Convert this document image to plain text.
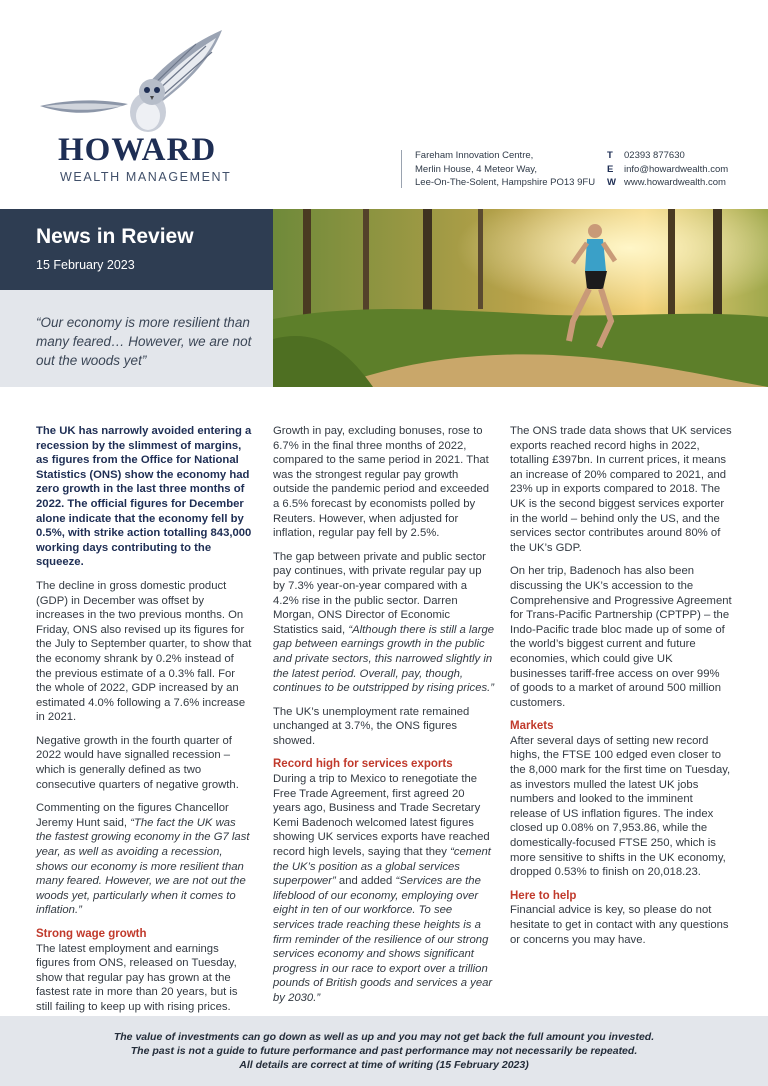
HOWARD
WEALTH MANAGEMENT
Fareham Innovation Centre,
Merlin House, 4 Meteor Way,
Lee-On-The-Solent, Hampshire PO13 9FU
T 02393 877630
E info@howardwealth.com
W www.howardwealth.com
News in Review
15 February 2023
“Our economy is more resilient than many feared… However, we are not out the woods yet”

The UK has narrowly avoided entering a recession by the slimmest of margins, as figures from the Office for National Statistics (ONS) show the economy had zero growth in the last three months of 2022. The official figures for December alone indicate that the economy fell by 0.5%, with strike action totalling 843,000 working days contributing to the squeeze.

The decline in gross domestic product (GDP) in December was offset by increases in the two previous months. On Friday, ONS also revised up its figures for the July to September quarter, to show that the economy shrank by 0.2% instead of the previous estimate of a 0.3% fall. For the whole of 2022, GDP increased by an estimated 4.0% following a 7.6% increase in 2021.

Negative growth in the fourth quarter of 2022 would have signalled recession – which is generally defined as two consecutive quarters of negative growth.

Commenting on the figures Chancellor Jeremy Hunt said, “The fact the UK was the fastest growing economy in the G7 last year, as well as avoiding a recession, shows our economy is more resilient than many feared. However, we are not out the woods yet, particularly when it comes to inflation.”

Strong wage growth

The latest employment and earnings figures from ONS, released on Tuesday, show that regular pay has grown at the fastest rate in more than 20 years, but is still failing to keep up with rising prices.

Growth in pay, excluding bonuses, rose to 6.7% in the final three months of 2022, compared to the same period in 2021. That was the strongest regular pay growth outside the pandemic period and exceeded a 6.5% forecast by economists polled by Reuters. However, when adjusted for inflation, regular pay fell by 2.5%.

The gap between private and public sector pay continues, with private regular pay up by 7.3% year-on-year compared with a 4.2% rise in the public sector. Darren Morgan, ONS Director of Economic Statistics said, “Although there is still a large gap between earnings growth in the public and private sectors, this narrowed slightly in the latest period. Overall, pay, though, continues to be outstripped by rising prices.”

The UK’s unemployment rate remained unchanged at 3.7%, the ONS figures showed.

Record high for services exports

During a trip to Mexico to renegotiate the Free Trade Agreement, first agreed 20 years ago, Business and Trade Secretary Kemi Badenoch welcomed latest figures showing UK services exports have reached record high levels, saying that they “cement the UK’s position as a global services superpower” and added “Services are the lifeblood of our economy, employing over eight in ten of our workforce. To see services trade reaching these heights is a firm reminder of the resilience of our strong services economy and shows significant progress in our race to export over a trillion pounds of British goods and services a year by 2030.”

The ONS trade data shows that UK services exports reached record highs in 2022, totalling £397bn. In current prices, it means an increase of 20% compared to 2021, and 23% up in exports compared to 2018. The UK is the second biggest services exporter in the world – behind only the US, and the services sector contributes around 80% of the UK’s GDP.

On her trip, Badenoch has also been discussing the UK’s accession to the Comprehensive and Progressive Agreement for Trans-Pacific Partnership (CPTPP) – the Indo-Pacific trade bloc made up of some of the world’s biggest current and future economies, which could give UK businesses tariff-free access on over 99% of goods to a market of around 500 million customers.

Markets

After several days of setting new record highs, the FTSE 100 edged even closer to the 8,000 mark for the first time on Tuesday, as investors mulled the latest UK jobs numbers and looked to the imminent release of US inflation figures. The index closed up 0.08% on 7,953.86, while the domestically-focused FTSE 250, which is more sensitive to shifts in the UK economy, dropped 0.53% to finish on 20,018.23.

Here to help

Financial advice is key, so please do not hesitate to get in contact with any questions or concerns you may have.

The value of investments can go down as well as up and you may not get back the full amount you invested.
The past is not a guide to future performance and past performance may not necessarily be repeated.
All details are correct at time of writing (15 February 2023)
